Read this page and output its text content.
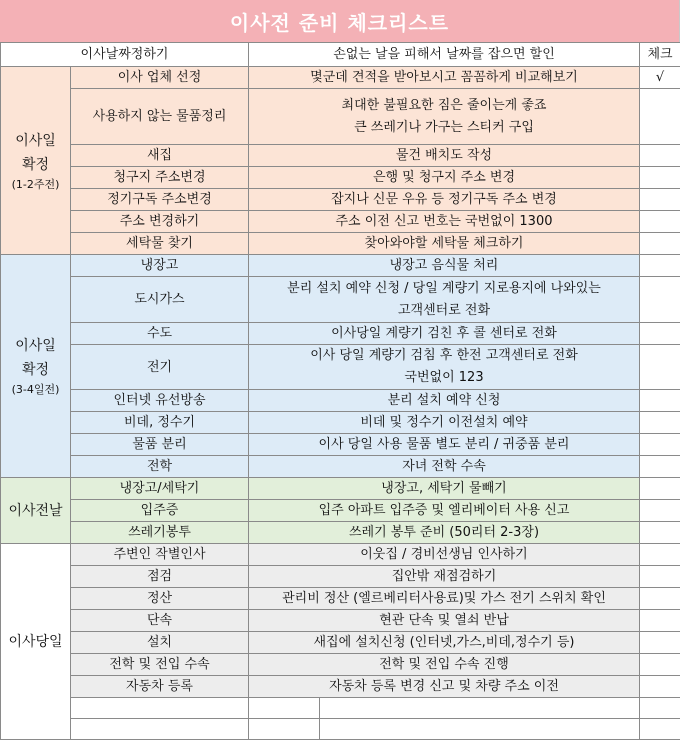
이사전 준비 체크리스트
이사날짜정하기		손없는 날을 피해서 날짜를 잡으면 할인		체크

이사일
확정
(1-2주전)	이사 업체 선정	몇군데 견적을 받아보시고 꼼꼼하게 비교해보기		√
	사용하지 않는 물품정리	최대한 불필요한 짐은 줄이는게 좋죠
큰 쓰레기나 가구는 스티커 구입		
	새집	물건 배치도 작성		
	청구지 주소변경	은행 및 청구지 주소 변경		
	정기구독 주소변경	잡지나 신문 우유 등 정기구독 주소 변경		
	주소 변경하기	주소 이전 신고 번호는 국번없이 1300		
	세탁물 찾기	찾아와야할 세탁물 체크하기		

이사일
확정
(3-4일전)	냉장고	냉장고 음식물 처리		
	도시가스	분리 설치 예약 신청 / 당일 계량기 지로용지에 나와있는
고객센터로 전화		
	수도	이사당일 계량기 검친 후 콜 센터로 전화		
	전기	이사 당일 계량기 검침 후 한전 고객센터로 전화
국번없이 123		
	인터넷 유선방송	분리 설치 예약 신청		
	비데, 정수기	비데 및 정수기 이전설치 예약		
	물품 분리	이사 당일 사용 물품 별도 분리 / 귀중품 분리		
	전학	자녀 전학 수속		

이사전날	냉장고/세탁기	냉장고, 세탁기 물빼기		
	입주증	입주 아파트 입주증 및 엘리베이터 사용 신고		
	쓰레기봉투	쓰레기 봉투 준비 (50리터 2-3장)		

이사당일	주변인 작별인사	이웃집 / 경비선생님 인사하기		
	점검	집안밖 재점검하기		
	정산	관리비 정산 (엘르베리터사용료)및 가스 전기 스위치 확인		
	단속	현관 단속 및 열쇠 반납		
	설치	새집에 설치신청 (인터넷,가스,비데,정수기 등)		
	전학 및 전입 수속	전학 및 전입 수속 진행		
	자동차 등록	자동차 등록 변경 신고 및 차량 주소 이전		
